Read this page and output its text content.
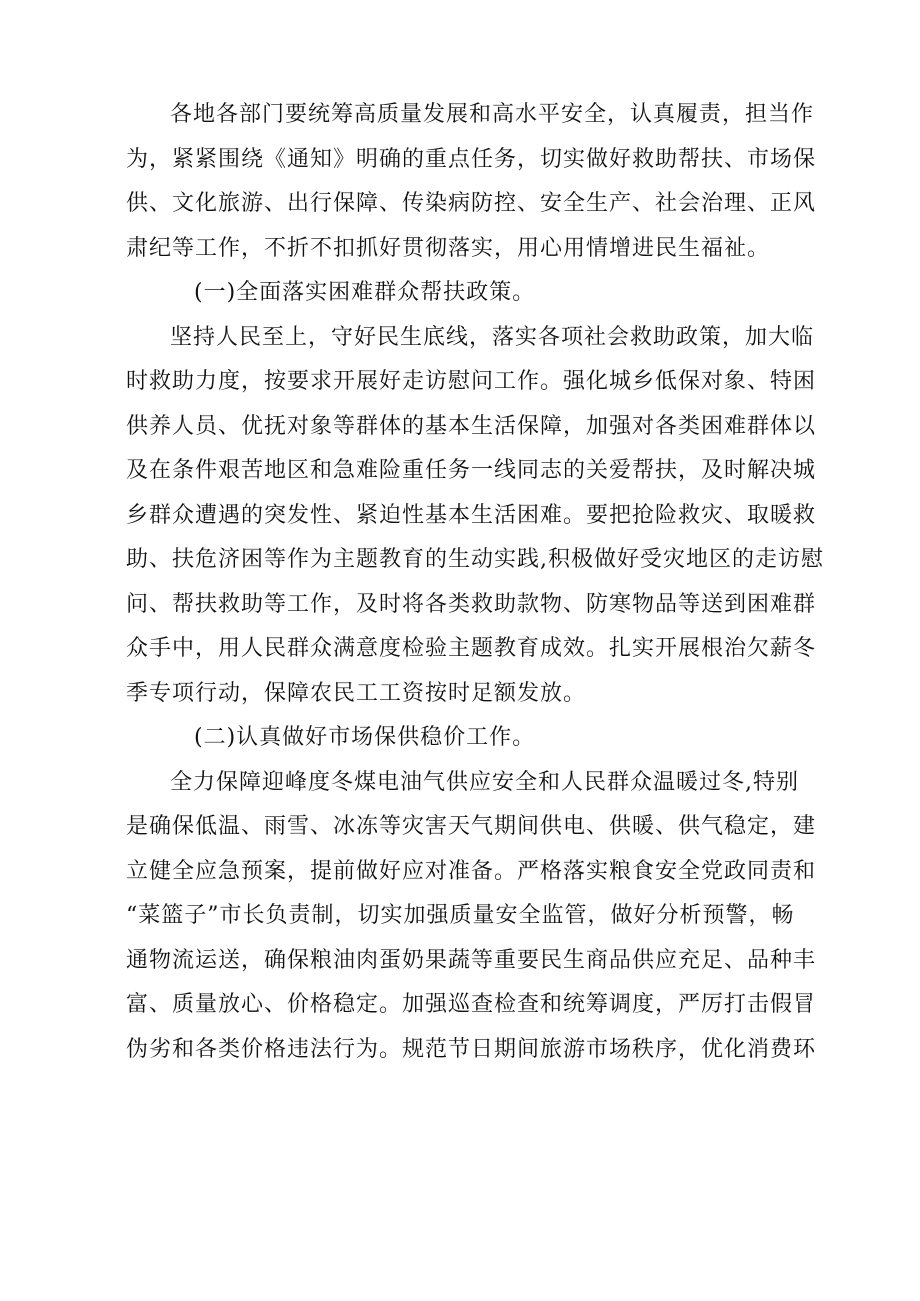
各地各部门要统筹高质量发展和高水平安全，认真履责，担当作
为，紧紧围绕《通知》明确的重点任务，切实做好救助帮扶、市场保
供、文化旅游、出行保障、传染病防控、安全生产、社会治理、正风
肃纪等工作，不折不扣抓好贯彻落实，用心用情增进民生福祉。
(一)全面落实困难群众帮扶政策。
坚持人民至上，守好民生底线，落实各项社会救助政策，加大临
时救助力度，按要求开展好走访慰问工作。强化城乡低保对象、特困
供养人员、优抚对象等群体的基本生活保障，加强对各类困难群体以
及在条件艰苦地区和急难险重任务一线同志的关爱帮扶，及时解决城
乡群众遭遇的突发性、紧迫性基本生活困难。要把抢险救灾、取暖救
助、扶危济困等作为主题教育的生动实践,积极做好受灾地区的走访慰
问、帮扶救助等工作，及时将各类救助款物、防寒物品等送到困难群
众手中，用人民群众满意度检验主题教育成效。扎实开展根治欠薪冬
季专项行动，保障农民工工资按时足额发放。
(二)认真做好市场保供稳价工作。
全力保障迎峰度冬煤电油气供应安全和人民群众温暖过冬,特别
是确保低温、雨雪、冰冻等灾害天气期间供电、供暖、供气稳定，建
立健全应急预案，提前做好应对准备。严格落实粮食安全党政同责和
“菜篮子”市长负责制，切实加强质量安全监管，做好分析预警，畅
通物流运送，确保粮油肉蛋奶果蔬等重要民生商品供应充足、品种丰
富、质量放心、价格稳定。加强巡查检查和统筹调度，严厉打击假冒
伪劣和各类价格违法行为。规范节日期间旅游市场秩序，优化消费环
